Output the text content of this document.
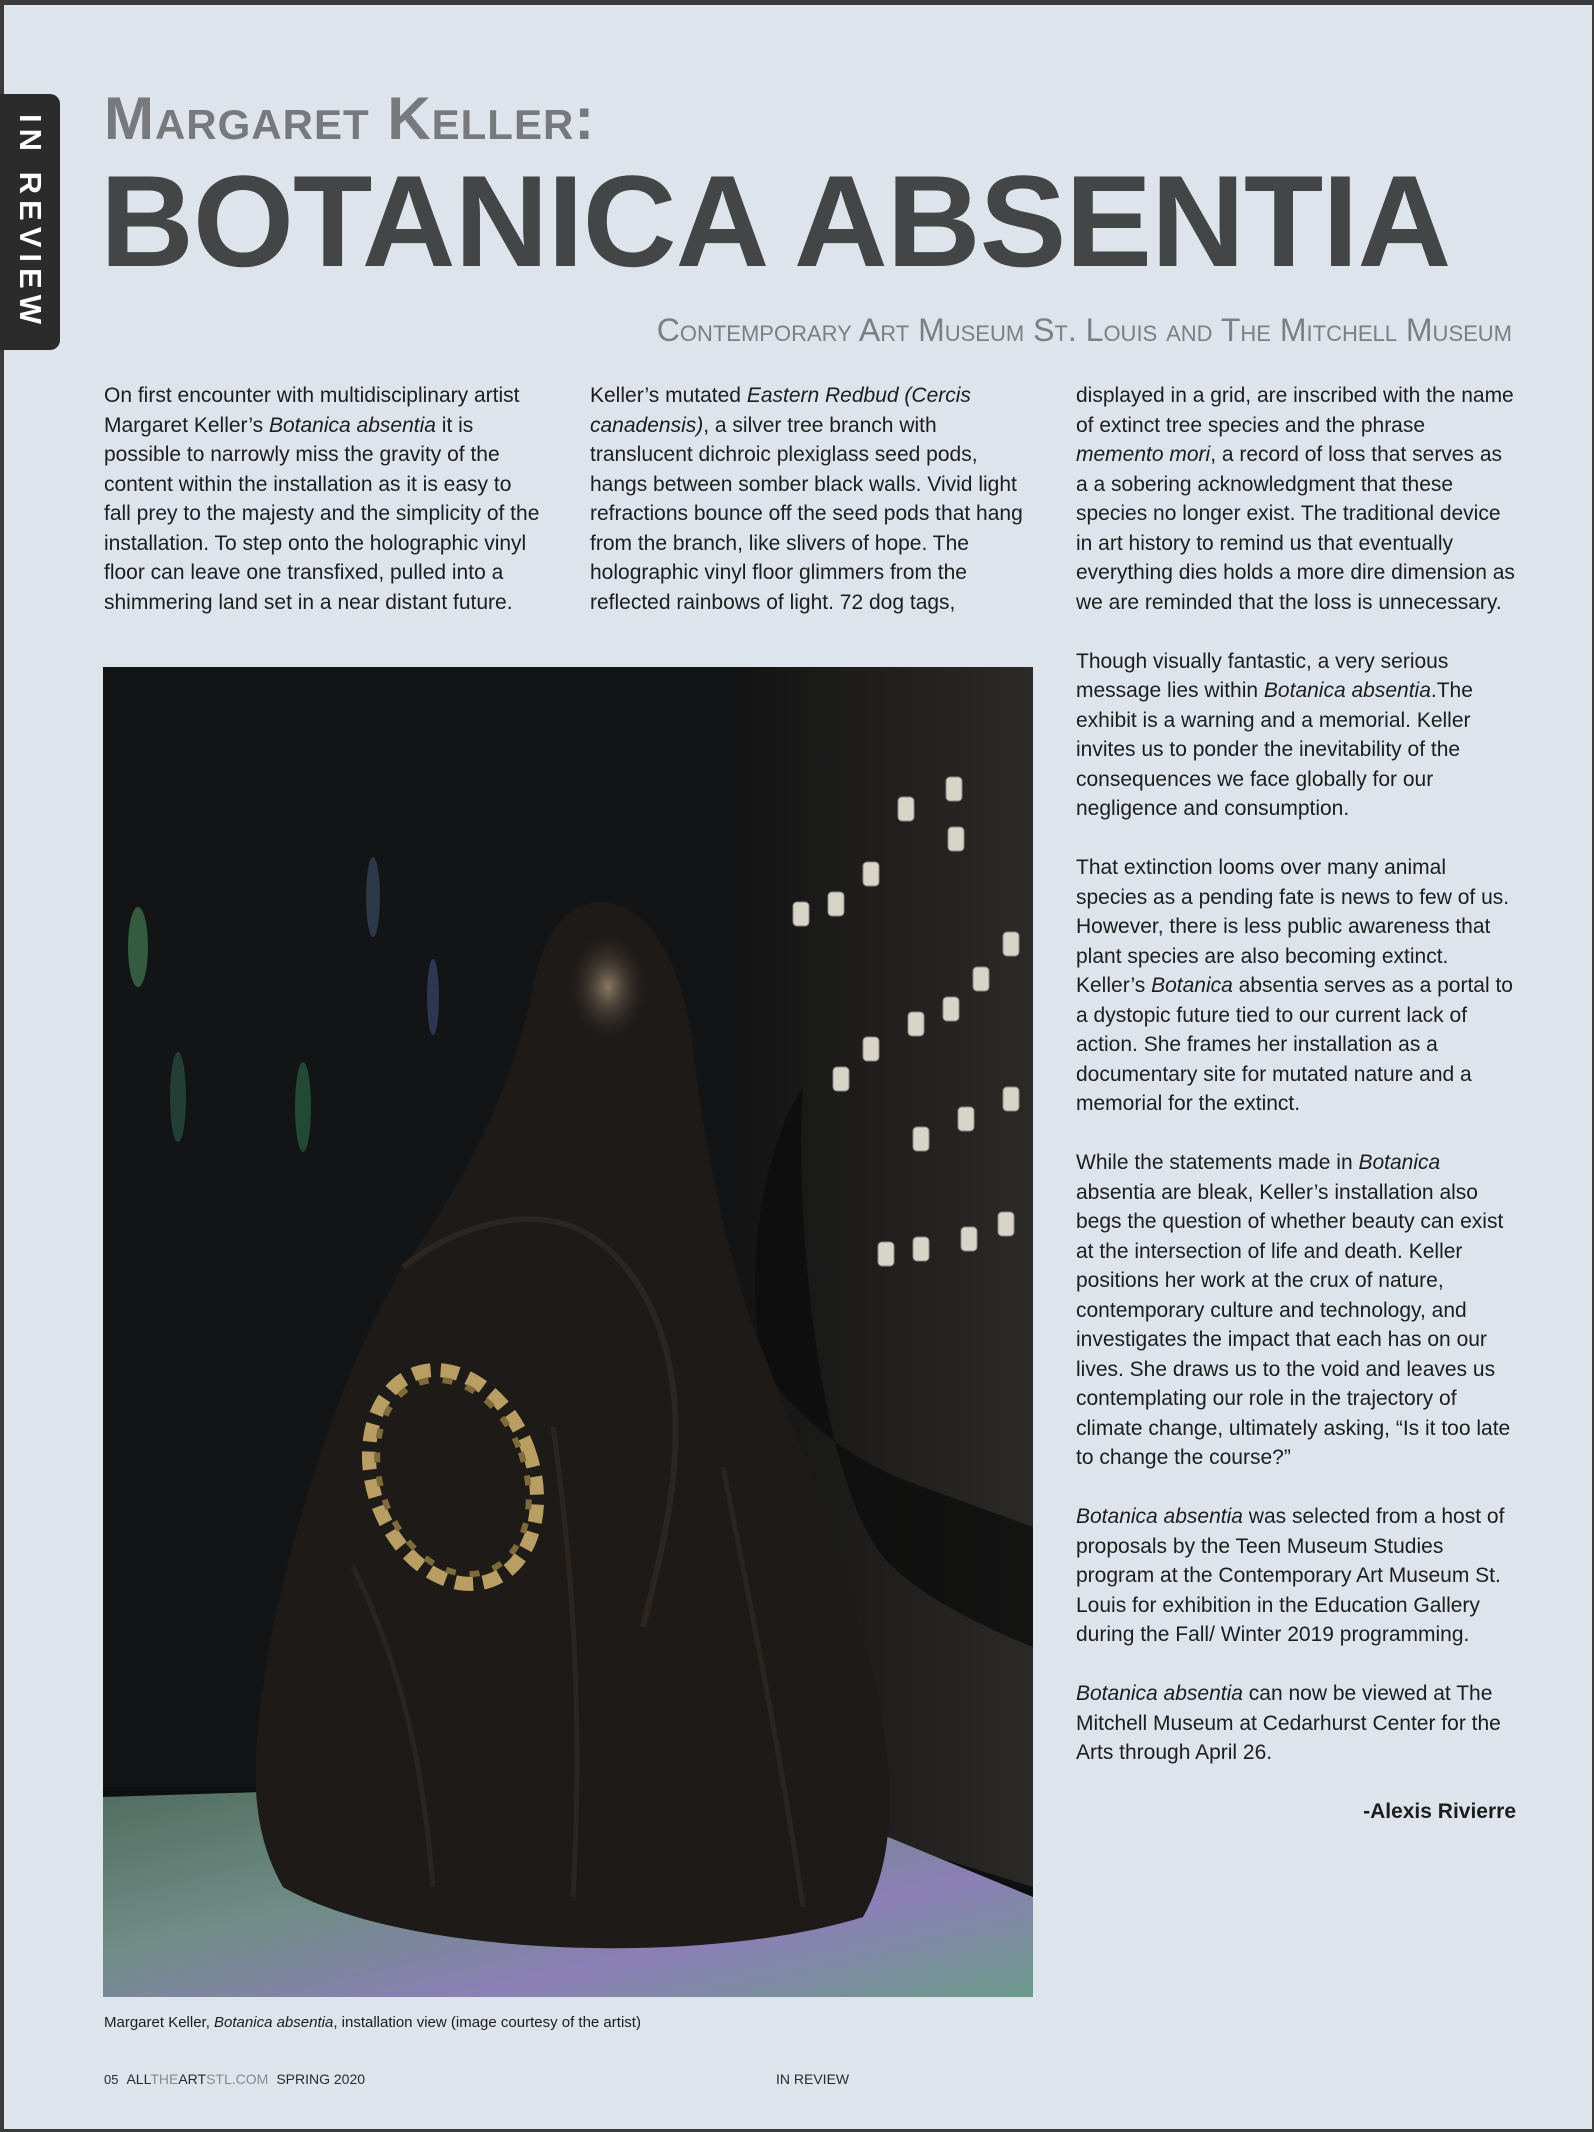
IN REVIEW Margaret Keller:
BOTANICA ABSENTIA
Contemporary Art Museum St. Louis and The Mitchell Museum

On first encounter with multidisciplinary artist Margaret Keller’s Botanica absentia it is possible to narrowly miss the gravity of the content within the installation as it is easy to fall prey to the majesty and the simplicity of the installation. To step onto the holographic vinyl floor can leave one transfixed, pulled into a shimmering land set in a near distant future.

Keller’s mutated Eastern Redbud (Cercis canadensis), a silver tree branch with translucent dichroic plexiglass seed pods, hangs between somber black walls. Vivid light refractions bounce off the seed pods that hang from the branch, like slivers of hope. The holographic vinyl floor glimmers from the reflected rainbows of light. 72 dog tags,

displayed in a grid, are inscribed with the name of extinct tree species and the phrase memento mori, a record of loss that serves as a a sobering acknowledgment that these species no longer exist. The traditional device in art history to remind us that eventually everything dies holds a more dire dimension as we are reminded that the loss is unnecessary.

Though visually fantastic, a very serious message lies within Botanica absentia.The exhibit is a warning and a memorial. Keller invites us to ponder the inevitability of the consequences we face globally for our negligence and consumption.

That extinction looms over many animal species as a pending fate is news to few of us. However, there is less public awareness that plant species are also becoming extinct. Keller’s Botanica absentia serves as a portal to a dystopic future tied to our current lack of action. She frames her installation as a documentary site for mutated nature and a memorial for the extinct.

While the statements made in Botanica absentia are bleak, Keller’s installation also begs the question of whether beauty can exist at the intersection of life and death. Keller positions her work at the crux of nature, contemporary culture and technology, and investigates the impact that each has on our lives. She draws us to the void and leaves us contemplating our role in the trajectory of climate change, ultimately asking, “Is it too late to change the course?”

Botanica absentia was selected from a host of proposals by the Teen Museum Studies program at the Contemporary Art Museum St. Louis for exhibition in the Education Gallery during the Fall/ Winter 2019 programming.

Botanica absentia can now be viewed at The Mitchell Museum at Cedarhurst Center for the Arts through April 26.

-Alexis Rivierre
Margaret Keller, Botanica absentia, installation view (image courtesy of the artist)
05 ALLTHEARTSTL.COM SPRING 2020	IN REVIEW
